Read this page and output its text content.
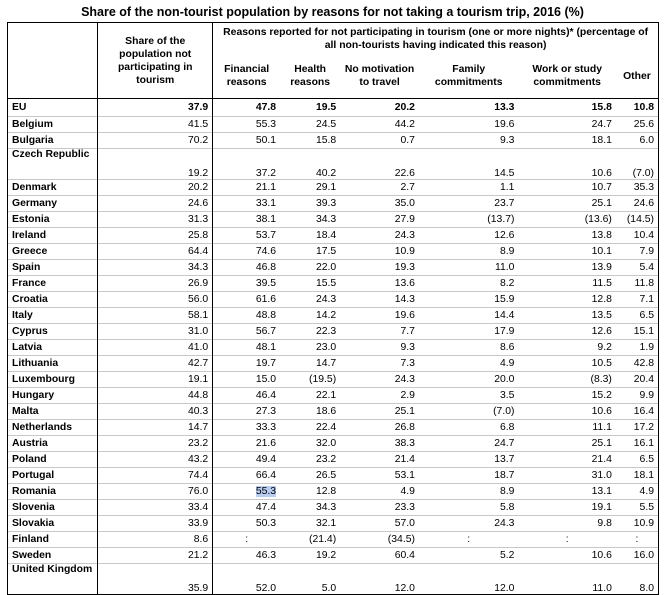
Share of the non-tourist population by reasons for not taking a tourism trip, 2016 (%)
	Share of the population not participating in tourism	Reasons reported for not participating in tourism (one or more nights)* (percentage of all non-tourists having indicated this reason)					
		Financial reasons	Health reasons	No motivation to travel	Family commitments	Work or study commitments	Other
EU	37.9	47.8	19.5	20.2	13.3	15.8	10.8
Belgium	41.5	55.3	24.5	44.2	19.6	24.7	25.6
Bulgaria	70.2	50.1	15.8	0.7	9.3	18.1	6.0
Czech Republic	19.2	37.2	40.2	22.6	14.5	10.6	(7.0)
Denmark	20.2	21.1	29.1	2.7	1.1	10.7	35.3
Germany	24.6	33.1	39.3	35.0	23.7	25.1	24.6
Estonia	31.3	38.1	34.3	27.9	(13.7)	(13.6)	(14.5)
Ireland	25.8	53.7	18.4	24.3	12.6	13.8	10.4
Greece	64.4	74.6	17.5	10.9	8.9	10.1	7.9
Spain	34.3	46.8	22.0	19.3	11.0	13.9	5.4
France	26.9	39.5	15.5	13.6	8.2	11.5	11.8
Croatia	56.0	61.6	24.3	14.3	15.9	12.8	7.1
Italy	58.1	48.8	14.2	19.6	14.4	13.5	6.5
Cyprus	31.0	56.7	22.3	7.7	17.9	12.6	15.1
Latvia	41.0	48.1	23.0	9.3	8.6	9.2	1.9
Lithuania	42.7	19.7	14.7	7.3	4.9	10.5	42.8
Luxembourg	19.1	15.0	(19.5)	24.3	20.0	(8.3)	20.4
Hungary	44.8	46.4	22.1	2.9	3.5	15.2	9.9
Malta	40.3	27.3	18.6	25.1	(7.0)	10.6	16.4
Netherlands	14.7	33.3	22.4	26.8	6.8	11.1	17.2
Austria	23.2	21.6	32.0	38.3	24.7	25.1	16.1
Poland	43.2	49.4	23.2	21.4	13.7	21.4	6.5
Portugal	74.4	66.4	26.5	53.1	18.7	31.0	18.1
Romania	76.0	55.3	12.8	4.9	8.9	13.1	4.9
Slovenia	33.4	47.4	34.3	23.3	5.8	19.1	5.5
Slovakia	33.9	50.3	32.1	57.0	24.3	9.8	10.9
Finland	8.6	:	(21.4)	(34.5)	:	:	:
Sweden	21.2	46.3	19.2	60.4	5.2	10.6	16.0
United Kingdom	35.9	52.0	5.0	12.0	12.0	11.0	8.0
